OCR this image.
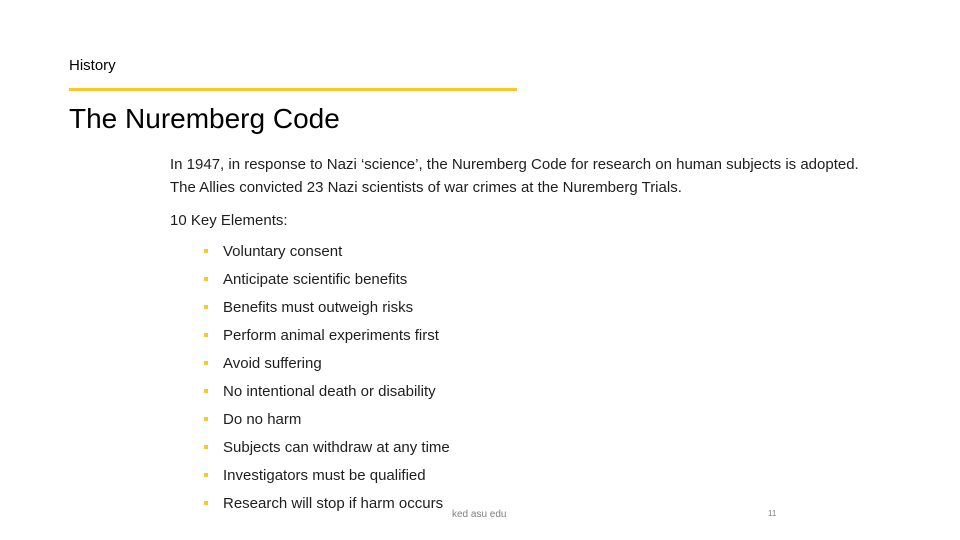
History
The Nuremberg Code

In 1947, in response to Nazi ‘science’, the Nuremberg Code for research on human subjects is adopted. The Allies convicted 23 Nazi scientists of war crimes at the Nuremberg Trials.

10 Key Elements:
Voluntary consent
Anticipate scientific benefits
Benefits must outweigh risks
Perform animal experiments first
Avoid suffering
No intentional death or disability
Do no harm
Subjects can withdraw at any time
Investigators must be qualified
Research will stop if harm occurs
ked asu edu	11
